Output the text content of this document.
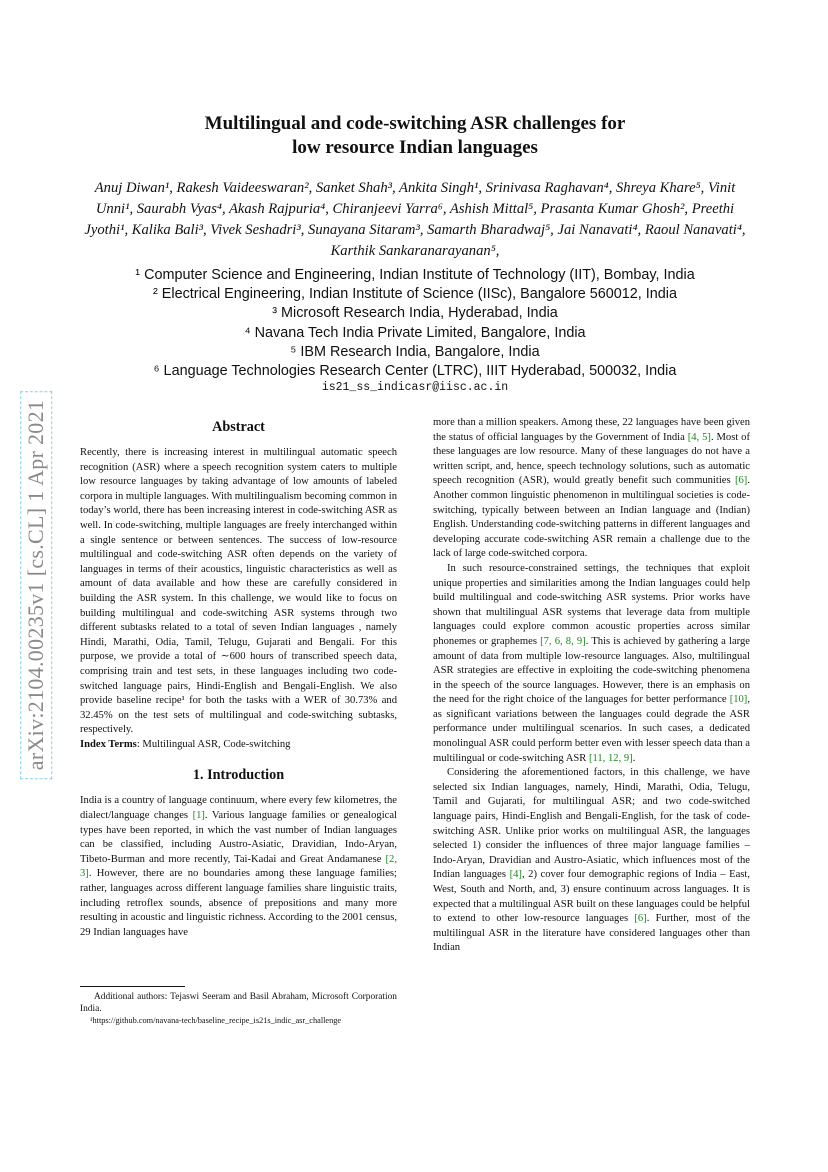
arXiv:2104.00235v1 [cs.CL] 1 Apr 2021
Multilingual and code-switching ASR challenges for
low resource Indian languages
Anuj Diwan¹, Rakesh Vaideeswaran², Sanket Shah³, Ankita Singh¹, Srinivasa Raghavan⁴, Shreya Khare⁵, Vinit Unni¹, Saurabh Vyas⁴, Akash Rajpuria⁴, Chiranjeevi Yarra⁶, Ashish Mittal⁵, Prasanta Kumar Ghosh², Preethi Jyothi¹, Kalika Bali³, Vivek Seshadri³, Sunayana Sitaram³, Samarth Bharadwaj⁵, Jai Nanavati⁴, Raoul Nanavati⁴, Karthik Sankaranarayanan⁵,
¹ Computer Science and Engineering, Indian Institute of Technology (IIT), Bombay, India
² Electrical Engineering, Indian Institute of Science (IISc), Bangalore 560012, India
³ Microsoft Research India, Hyderabad, India
⁴ Navana Tech India Private Limited, Bangalore, India
⁵ IBM Research India, Bangalore, India
⁶ Language Technologies Research Center (LTRC), IIIT Hyderabad, 500032, India
is21_ss_indicasr@iisc.ac.in
Abstract

Recently, there is increasing interest in multilingual automatic speech recognition (ASR) where a speech recognition system caters to multiple low resource languages by taking advantage of low amounts of labeled corpora in multiple languages. With multilingualism becoming common in today’s world, there has been increasing interest in code-switching ASR as well. In code-switching, multiple languages are freely interchanged within a single sentence or between sentences. The success of low-resource multilingual and code-switching ASR often depends on the variety of languages in terms of their acoustics, linguistic characteristics as well as amount of data available and how these are carefully considered in building the ASR system. In this challenge, we would like to focus on building multilingual and code-switching ASR systems through two different subtasks related to a total of seven Indian languages , namely Hindi, Marathi, Odia, Tamil, Telugu, Gujarati and Bengali. For this purpose, we provide a total of ∼600 hours of transcribed speech data, comprising train and test sets, in these languages including two code-switched language pairs, Hindi-English and Bengali-English. We also provide baseline recipe¹ for both the tasks with a WER of 30.73% and 32.45% on the test sets of multilingual and code-switching subtasks, respectively.

Index Terms: Multilingual ASR, Code-switching

1. Introduction

India is a country of language continuum, where every few kilometres, the dialect/language changes [1]. Various language families or genealogical types have been reported, in which the vast number of Indian languages can be classified, including Austro-Asiatic, Dravidian, Indo-Aryan, Tibeto-Burman and more recently, Tai-Kadai and Great Andamanese [2, 3]. However, there are no boundaries among these language families; rather, languages across different language families share linguistic traits, including retroflex sounds, absence of prepositions and many more resulting in acoustic and linguistic richness. According to the 2001 census, 29 Indian languages have

Additional authors: Tejaswi Seeram and Basil Abraham, Microsoft Corporation India.

¹https://github.com/navana-tech/baseline_recipe_is21s_indic_asr_challenge

more than a million speakers. Among these, 22 languages have been given the status of official languages by the Government of India [4, 5]. Most of these languages are low resource. Many of these languages do not have a written script, and, hence, speech technology solutions, such as automatic speech recognition (ASR), would greatly benefit such communities [6]. Another common linguistic phenomenon in multilingual societies is code-switching, typically between between an Indian language and (Indian) English. Understanding code-switching patterns in different languages and developing accurate code-switching ASR remain a challenge due to the lack of large code-switched corpora.

In such resource-constrained settings, the techniques that exploit unique properties and similarities among the Indian languages could help build multilingual and code-switching ASR systems. Prior works have shown that multilingual ASR systems that leverage data from multiple languages could explore common acoustic properties across similar phonemes or graphemes [7, 6, 8, 9]. This is achieved by gathering a large amount of data from multiple low-resource languages. Also, multilingual ASR strategies are effective in exploiting the code-switching phenomena in the speech of the source languages. However, there is an emphasis on the need for the right choice of the languages for better performance [10], as significant variations between the languages could degrade the ASR performance under multilingual scenarios. In such cases, a dedicated monolingual ASR could perform better even with lesser speech data than a multilingual or code-switching ASR [11, 12, 9].

Considering the aforementioned factors, in this challenge, we have selected six Indian languages, namely, Hindi, Marathi, Odia, Telugu, Tamil and Gujarati, for multilingual ASR; and two code-switched language pairs, Hindi-English and Bengali-English, for the task of code-switching ASR. Unlike prior works on multilingual ASR, the languages selected 1) consider the influences of three major language families – Indo-Aryan, Dravidian and Austro-Asiatic, which influences most of the Indian languages [4], 2) cover four demographic regions of India – East, West, South and North, and, 3) ensure continuum across languages. It is expected that a multilingual ASR built on these languages could be helpful to extend to other low-resource languages [6]. Further, most of the multilingual ASR in the literature have considered languages other than Indian
